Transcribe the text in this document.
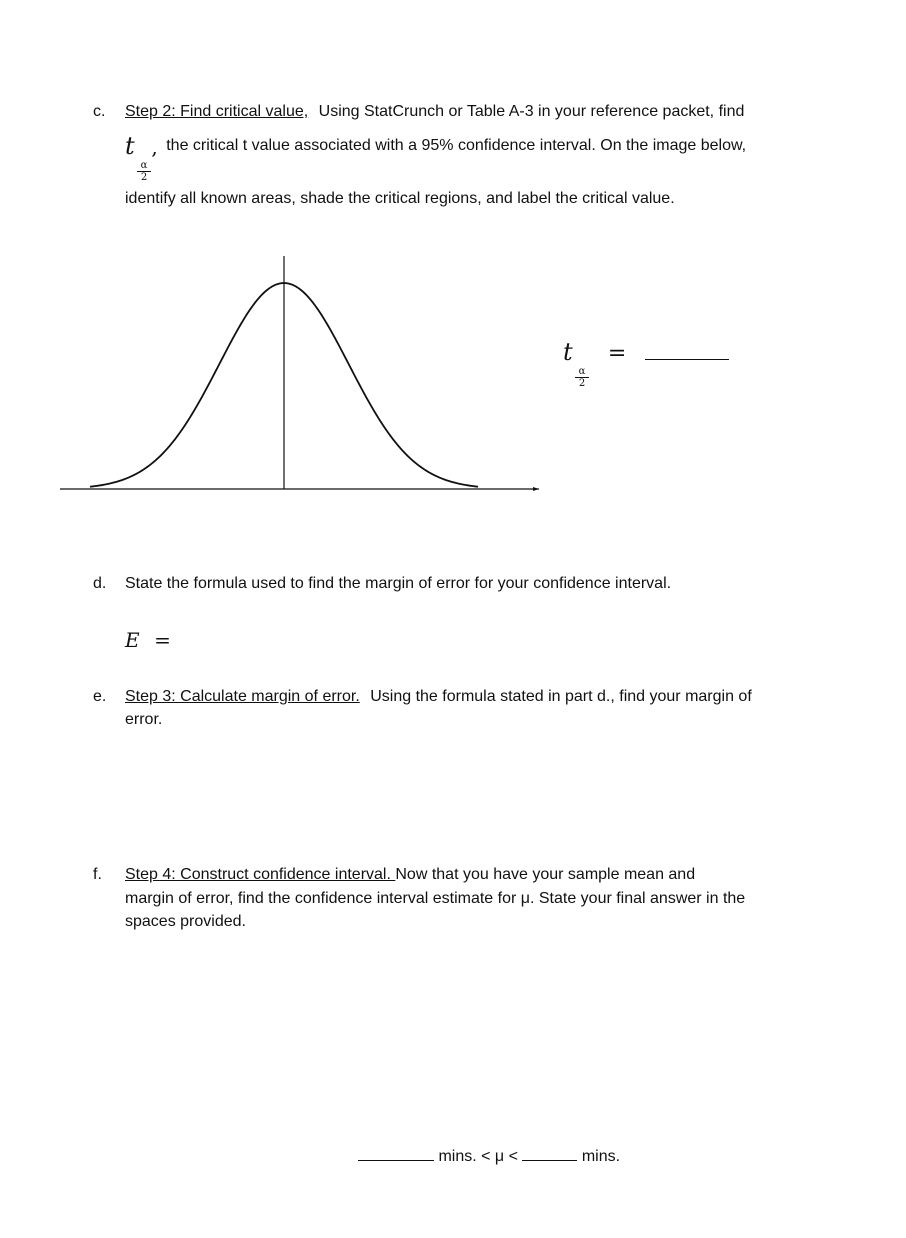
c. Step 2: Find critical value, Using StatCrunch or Table A-3 in your reference packet, find
t
$\frac{\alpha}{2}$
, the critical t value associated with a 95% confidence interval. On the image below,
identify all known areas, shade the critical regions, and label the critical value.
t
$\frac{\alpha}{2}$
=
d. State the formula used to find the margin of error for your confidence interval.
E =
e. Step 3: Calculate margin of error. Using the formula stated in part d., find your margin of
error.
f. Step 4: Construct confidence interval. Now that you have your sample mean and
margin of error, find the confidence interval estimate for μ. State your final answer in the
spaces provided.
mins. < μ <	mins.
